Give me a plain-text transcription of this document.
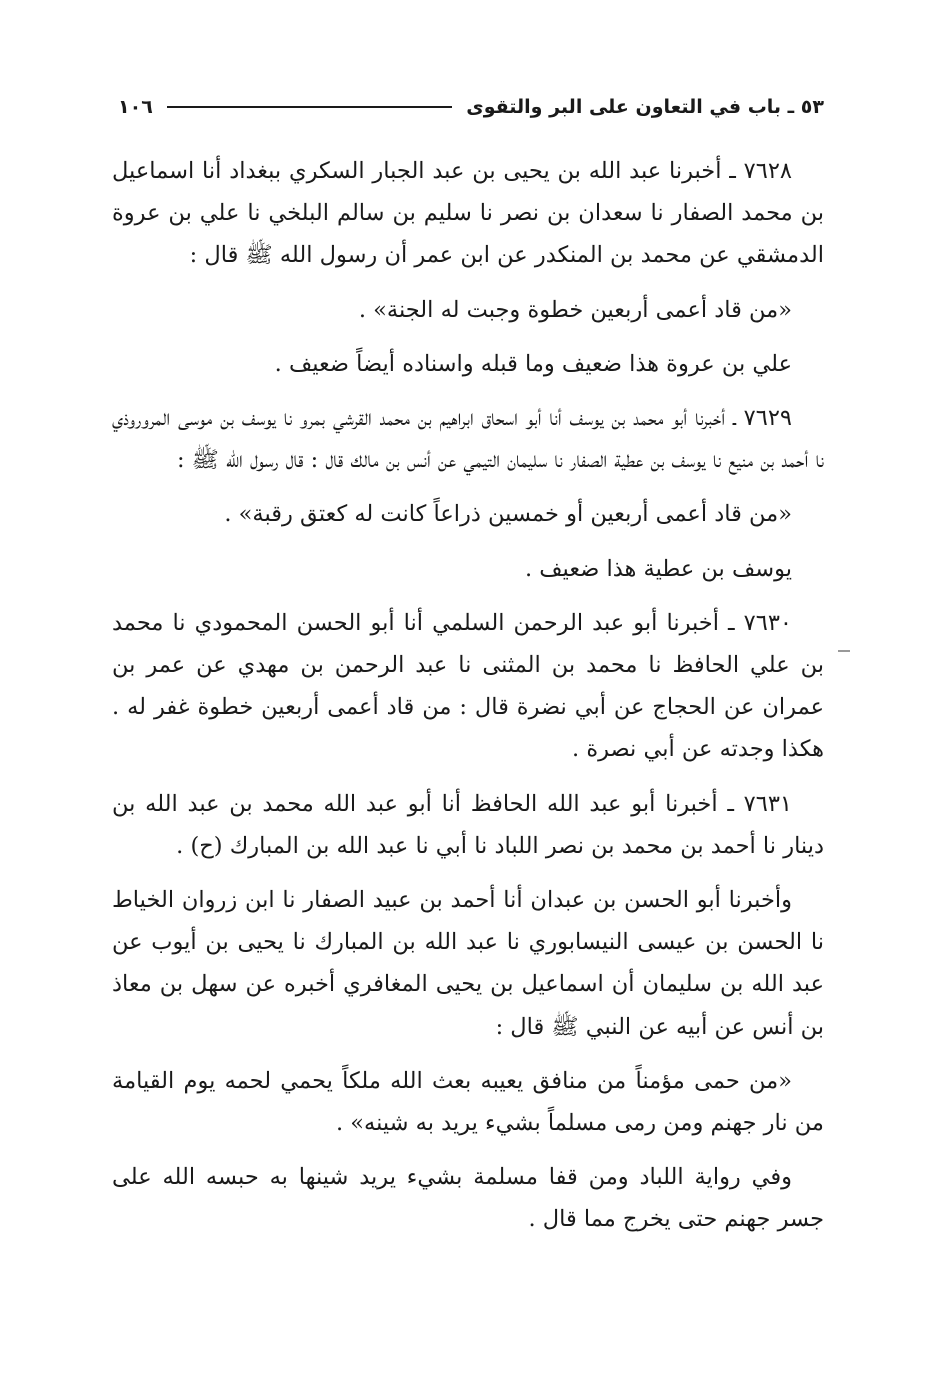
٥٣ ـ باب في التعاون على البر والتقوى
١٠٦

٧٦٢٨ ـ أخبرنا عبد الله بن يحيى بن عبد الجبار السكري ببغداد أنا اسماعيل بن محمد الصفار نا سعدان بن نصر نا سليم بن سالم البلخي نا علي بن عروة الدمشقي عن محمد بن المنكدر عن ابن عمر أن رسول الله ﷺ قال :

«من قاد أعمى أربعين خطوة وجبت له الجنة» .

علي بن عروة هذا ضعيف وما قبله واسناده أيضاً ضعيف .

٧٦٢٩ ـ أخبرنا أبو محمد بن يوسف أنا أبو اسحاق ابراهيم بن محمد القرشي بمرو نا يوسف بن موسى المروروذي نا أحمد بن منيع نا يوسف بن عطية الصفار نا سليمان التيمي عن أنس بن مالك قال : قال رسول الله ﷺ :

«من قاد أعمى أربعين أو خمسين ذراعاً كانت له كعتق رقبة» .

يوسف بن عطية هذا ضعيف .

٧٦٣٠ ـ أخبرنا أبو عبد الرحمن السلمي أنا أبو الحسن المحمودي نا محمد بن علي الحافظ نا محمد بن المثنى نا عبد الرحمن بن مهدي عن عمر بن عمران عن الحجاج عن أبي نضرة قال : من قاد أعمى أربعين خطوة غفر له . هكذا وجدته عن أبي نصرة .

٧٦٣١ ـ أخبرنا أبو عبد الله الحافظ أنا أبو عبد الله محمد بن عبد الله بن دينار نا أحمد بن محمد بن نصر اللباد نا أبي نا عبد الله بن المبارك (ح) .

وأخبرنا أبو الحسن بن عبدان أنا أحمد بن عبيد الصفار نا ابن زروان الخياط نا الحسن بن عيسى النيسابوري نا عبد الله بن المبارك نا يحيى بن أيوب عن عبد الله بن سليمان أن اسماعيل بن يحيى المغافري أخبره عن سهل بن معاذ بن أنس عن أبيه عن النبي ﷺ قال :

«من حمى مؤمناً من منافق يعيبه بعث الله ملكاً يحمي لحمه يوم القيامة من نار جهنم ومن رمى مسلماً بشيء يريد به شينه» .

وفي رواية اللباد ومن قفا مسلمة بشيء يريد شينها به حبسه الله على جسر جهنم حتى يخرج مما قال .
